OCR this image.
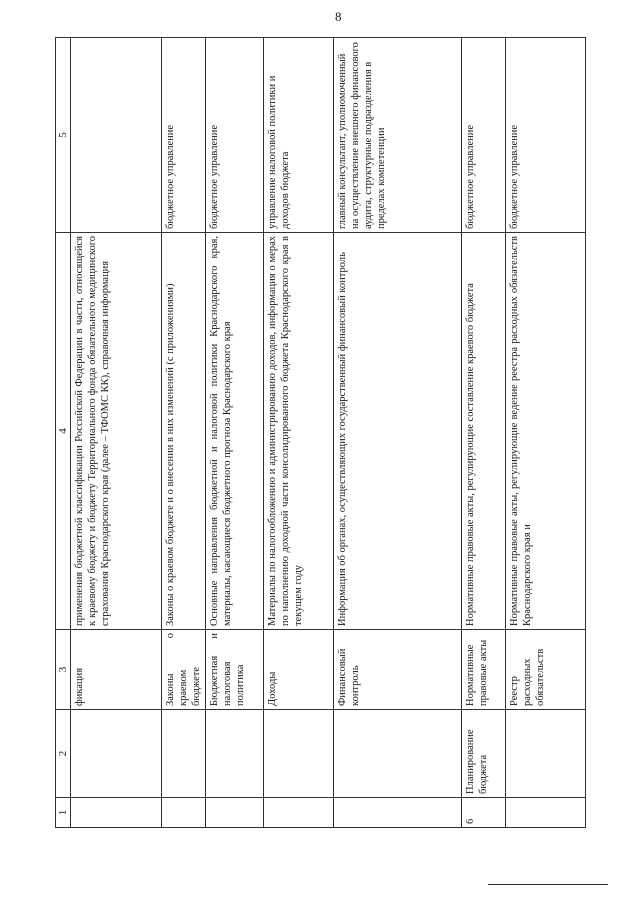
8
1	2	3	4	5
		фикация	применения бюджетной классификации Российской Федерации в части, относящейся к краевому бюджету и бюджету Территориального фонда обязательного медицинского страхования Краснодарского края (далее – ТФОМС КК), справочная информация	
		Законы о краевом бюджете	Законы о краевом бюджете и о внесении в них изменений (с приложениями)	бюджетное управление
		Бюджетная и налоговая политика	Основные направления бюджетной и налоговой политики Краснодарского края, материалы, касающиеся бюджетного прогноза Краснодарского края	бюджетное управление
		Доходы	Материалы по налогообложению и администрированию доходов, информация о мерах по наполнению доходной части консолидированного бюджета Краснодарского края в текущем году	управление налоговой политики и доходов бюджета
		Финансовый контроль	Информация об органах, осуществляющих государственный финансовый контроль	главный консультант, уполномоченный на осуществление внешнего финансового аудита, структурные подразделения в пределах компетенции
6	Планирование бюджета	Нормативные правовые акты	Нормативные правовые акты, регулирующие составление краевого бюджета	бюджетное управление
		Реестр расходных обязательств	Нормативные правовые акты, регулирующие ведение реестра расходных обязательств Краснодарского края и	бюджетное управление
